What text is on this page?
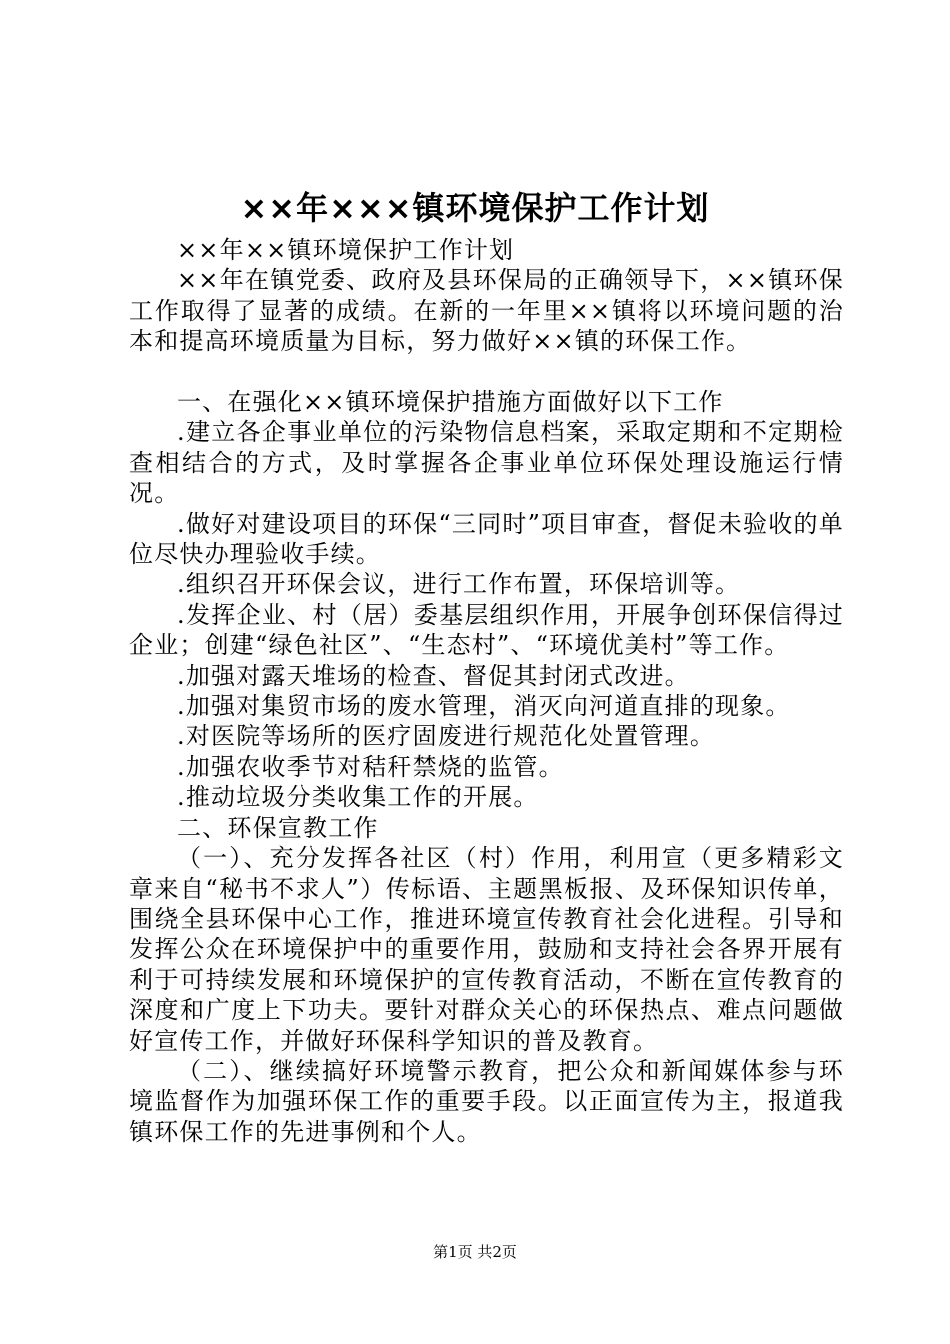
××年×××镇环境保护工作计划

××年××镇环境保护工作计划

××年在镇党委、政府及县环保局的正确领导下，××镇环保工作取得了显著的成绩。在新的一年里××镇将以环境问题的治本和提高环境质量为目标，努力做好××镇的环保工作。

一、在强化××镇环境保护措施方面做好以下工作

.建立各企事业单位的污染物信息档案，采取定期和不定期检查相结合的方式，及时掌握各企事业单位环保处理设施运行情况。

.做好对建设项目的环保“三同时”项目审查，督促未验收的单位尽快办理验收手续。

.组织召开环保会议，进行工作布置，环保培训等。

.发挥企业、村（居）委基层组织作用，开展争创环保信得过企业；创建“绿色社区”、“生态村”、“环境优美村”等工作。

.加强对露天堆场的检查、督促其封闭式改进。

.加强对集贸市场的废水管理，消灭向河道直排的现象。

.对医院等场所的医疗固废进行规范化处置管理。

.加强农收季节对秸秆禁烧的监管。

.推动垃圾分类收集工作的开展。

二、环保宣教工作

（一）、充分发挥各社区（村）作用，利用宣（更多精彩文章来自“秘书不求人”）传标语、主题黑板报、及环保知识传单，围绕全县环保中心工作，推进环境宣传教育社会化进程。引导和发挥公众在环境保护中的重要作用，鼓励和支持社会各界开展有利于可持续发展和环境保护的宣传教育活动，不断在宣传教育的深度和广度上下功夫。要针对群众关心的环保热点、难点问题做好宣传工作，并做好环保科学知识的普及教育。

（二）、继续搞好环境警示教育，把公众和新闻媒体参与环境监督作为加强环保工作的重要手段。以正面宣传为主，报道我镇环保工作的先进事例和个人。

第1页 共2页
